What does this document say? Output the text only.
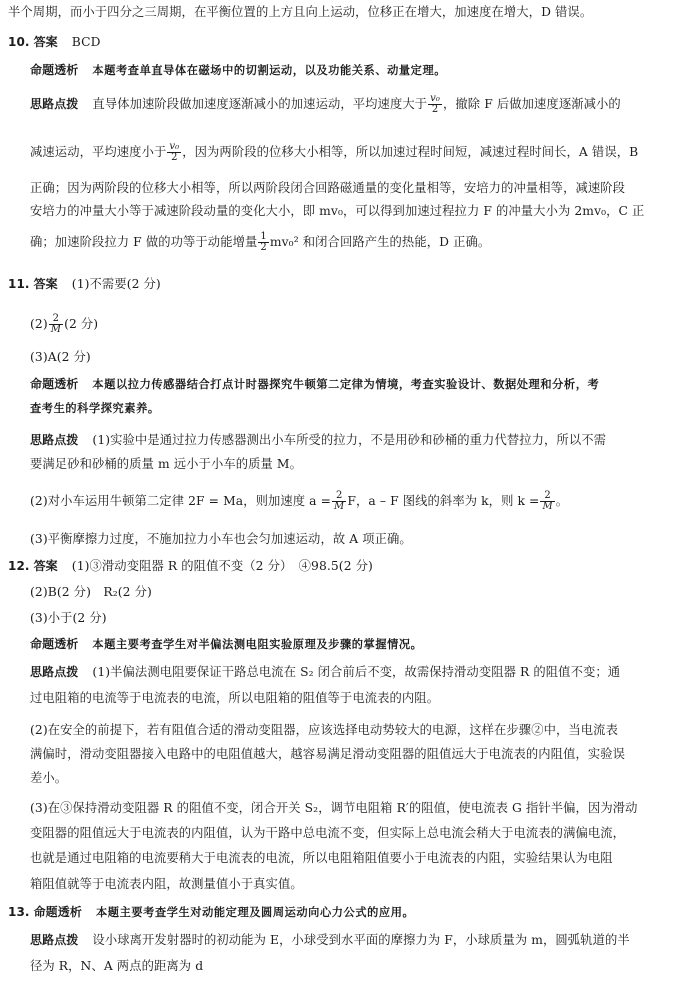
半个周期，而小于四分之三周期，在平衡位置的上方且向上运动，位移正在增大，加速度在增大，D 错误。
10. 答案 BCD
命题透析 本题考查单直导体在磁场中的切割运动，以及功能关系、动量定理。
思路点拨 直导体加速阶段做加速度逐渐减小的加速运动，平均速度大于 $\frac{\text{v₀}}{2}$ ，撤除 F 后做加速度逐渐减小的
减速运动，平均速度小于 $\frac{\text{v₀}}{2}$ ，因为两阶段的位移大小相等，所以加速过程时间短，减速过程时间长，A 错误，B
正确；因为两阶段的位移大小相等，所以两阶段闭合回路磁通量的变化量相等，安培力的冲量相等，减速阶段
安培力的冲量大小等于减速阶段动量的变化大小，即 mv₀，可以得到加速过程拉力 F 的冲量大小为 2mv₀，C 正
确；加速阶段拉力 F 做的功等于动能增量 $\frac{1}{2} mv_0^2$ 和闭合回路产生的热能，D 正确。
11. 答案 (1)不需要(2 分)
$(2) \frac{2}{M} (2$ 分)
(3)A(2 分)
命题透析 本题以拉力传感器结合打点计时器探究牛顿第二定律为情境，考查实验设计、数据处理和分析，考
查考生的科学探究素养。
思路点拨 (1)实验中是通过拉力传感器测出小车所受的拉力，不是用砂和砂桶的重力代替拉力，所以不需
要满足砂和砂桶的质量 m 远小于小车的质量 M。
(2)对小车运用牛顿第二定律 2F = Ma，则加速度 $a = \frac{2}{M}$ F，a – F 图线的斜率为 k，则 $k = \frac{2}{M}$ 。
(3)平衡摩擦力过度，不施加拉力小车也会匀加速运动，故 A 项正确。
12. 答案 (1)③滑动变阻器 R 的阻值不变（2 分）　④98.5(2 分)
(2)B(2 分)　R₂(2 分)
(3)小于(2 分)
命题透析 本题主要考查学生对半偏法测电阻实验原理及步骤的掌握情况。
思路点拨 (1)半偏法测电阻要保证干路总电流在 S₂ 闭合前后不变，故需保持滑动变阻器 R 的阻值不变；通
过电阻箱的电流等于电流表的电流，所以电阻箱的阻值等于电流表的内阻。
(2)在安全的前提下，若有阻值合适的滑动变阻器，应该选择电动势较大的电源，这样在步骤②中，当电流表
满偏时，滑动变阻器接入电路中的电阻值越大，越容易满足滑动变阻器的阻值远大于电流表的内阻值，实验误
差小。
(3)在③保持滑动变阻器 R 的阻值不变，闭合开关 S₂，调节电阻箱 R′的阻值，使电流表 G 指针半偏，因为滑动
变阻器的阻值远大于电流表的内阻值，认为干路中总电流不变，但实际上总电流会稍大于电流表的满偏电流，
也就是通过电阻箱的电流要稍大于电流表的电流，所以电阻箱阻值要小于电流表的内阻，实验结果认为电阻
箱阻值就等于电流表内阻，故测量值小于真实值。
13. 命题透析 本题主要考查学生对动能定理及圆周运动向心力公式的应用。
思路点拨 设小球离开发射器时的初动能为 E，小球受到水平面的摩擦力为 F，小球质量为 m，圆弧轨道的半
径为 R，N、A 两点的距离为 d
